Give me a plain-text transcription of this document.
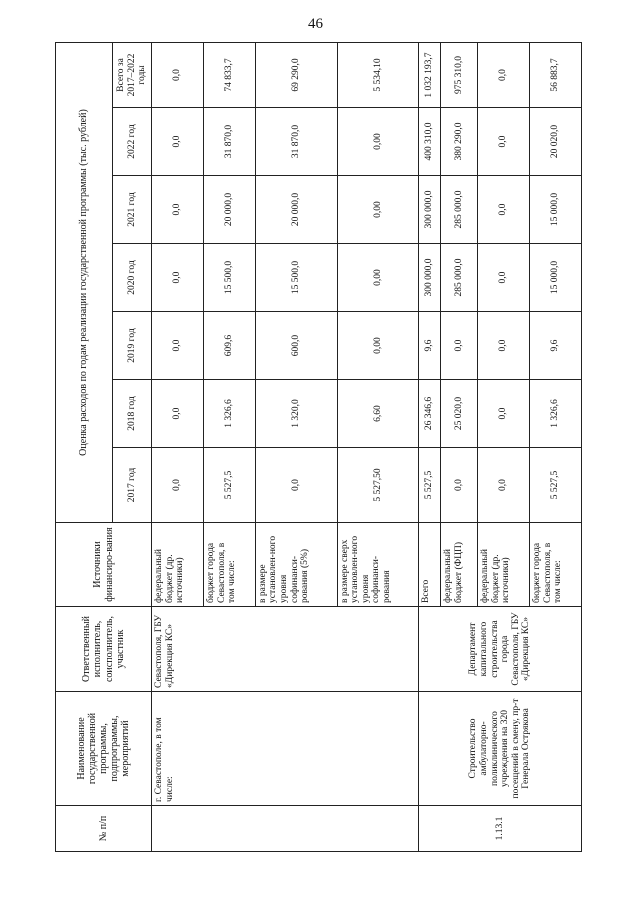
46
№ п/п	Наименование государственной программы, подпрограммы, мероприятий	Ответственный исполнитель, соисполнитель, участник	Источники финансиро-вания	Оценка расходов по годам реализации государственной программы (тыс. рублей)						
				2017 год	2018 год	2019 год	2020 год	2021 год	2022 год	Всего за 2017–2022 годы
	г. Севастополе, в том числе:	Севастополя, ГБУ «Дирекция КС»	федеральный бюджет (др. источники)	0,0	0,0	0,0	0,0	0,0	0,0	0,0
			бюджет города Севастополя, в том числе:	5 527,5	1 326,6	609,6	15 500,0	20 000,0	31 870,0	74 833,7
			в размере установлен-ного уровня софинанси-рования (5%)	0,0	1 320,0	600,0	15 500,0	20 000,0	31 870,0	69 290,0
			в размере сверх установлен-ного уровня софинанси-рования	5 527,50	6,60	0,00	0,00	0,00	0,00	5 534,10
1.13.1	Строительство амбулаторно-поликлинического учреждения на 320 посещений в смену, пр-т Генерала Острякова	Департамент капитального строительства города Севастополя, ГБУ «Дирекция КС»	Всего	5 527,5	26 346,6	9,6	300 000,0	300 000,0	400 310,0	1 032 193,7
			федеральный бюджет (ФЦП)	0,0	25 020,0	0,0	285 000,0	285 000,0	380 290,0	975 310,0
			федеральный бюджет (др. источники)	0,0	0,0	0,0	0,0	0,0	0,0	0,0
			бюджет города Севастополя, в том числе:	5 527,5	1 326,6	9,6	15 000,0	15 000,0	20 020,0	56 883,7
